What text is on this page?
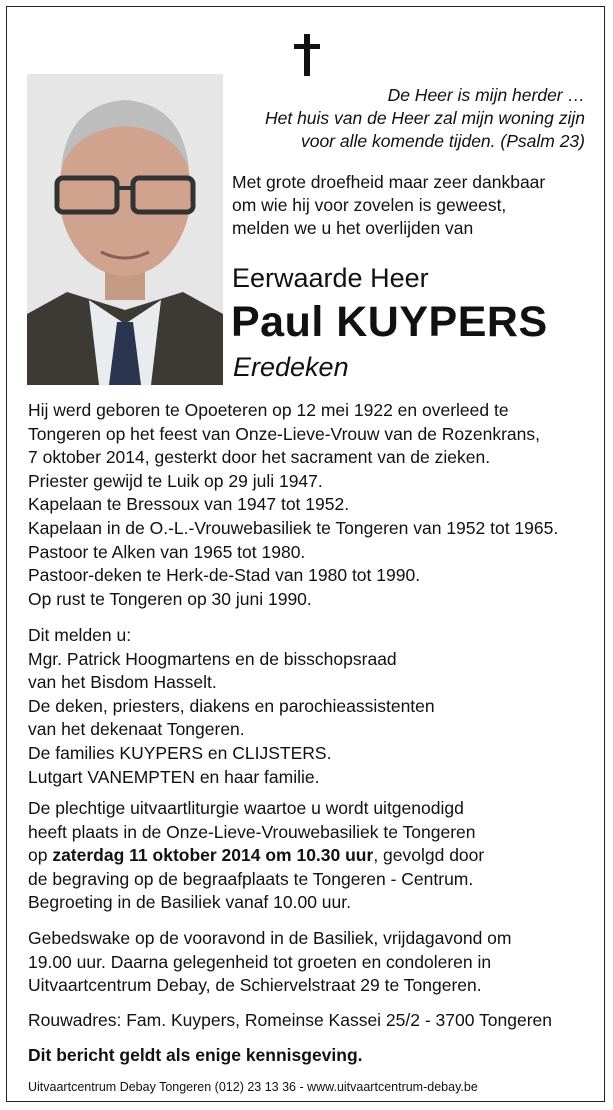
De Heer is mijn herder …
Het huis van de Heer zal mijn woning zijn
voor alle komende tijden. (Psalm 23)
Met grote droefheid maar zeer dankbaar
om wie hij voor zovelen is geweest,
melden we u het overlijden van
Eerwaarde Heer
Paul KUYPERS
Eredeken
Hij werd geboren te Opoeteren op 12 mei 1922 en overleed te
Tongeren op het feest van Onze-Lieve-Vrouw van de Rozenkrans,
7 oktober 2014, gesterkt door het sacrament van de zieken.
Priester gewijd te Luik op 29 juli 1947.
Kapelaan te Bressoux van 1947 tot 1952.
Kapelaan in de O.-L.-Vrouwebasiliek te Tongeren van 1952 tot 1965.
Pastoor te Alken van 1965 tot 1980.
Pastoor-deken te Herk-de-Stad van 1980 tot 1990.
Op rust te Tongeren op 30 juni 1990.
Dit melden u:
Mgr. Patrick Hoogmartens en de bisschopsraad
van het Bisdom Hasselt.
De deken, priesters, diakens en parochieassistenten
van het dekenaat Tongeren.
De families KUYPERS en CLIJSTERS.
Lutgart VANEMPTEN en haar familie.
De plechtige uitvaartliturgie waartoe u wordt uitgenodigd
heeft plaats in de Onze-Lieve-Vrouwebasiliek te Tongeren
op zaterdag 11 oktober 2014 om 10.30 uur, gevolgd door
de begraving op de begraafplaats te Tongeren - Centrum.
Begroeting in de Basiliek vanaf 10.00 uur.
Gebedswake op de vooravond in de Basiliek, vrijdagavond om
19.00 uur. Daarna gelegenheid tot groeten en condoleren in
Uitvaartcentrum Debay, de Schiervelstraat 29 te Tongeren.
Rouwadres: Fam. Kuypers, Romeinse Kassei 25/2 - 3700 Tongeren
Dit bericht geldt als enige kennisgeving.
Uitvaartcentrum Debay Tongeren (012) 23 13 36 - www.uitvaartcentrum-debay.be
